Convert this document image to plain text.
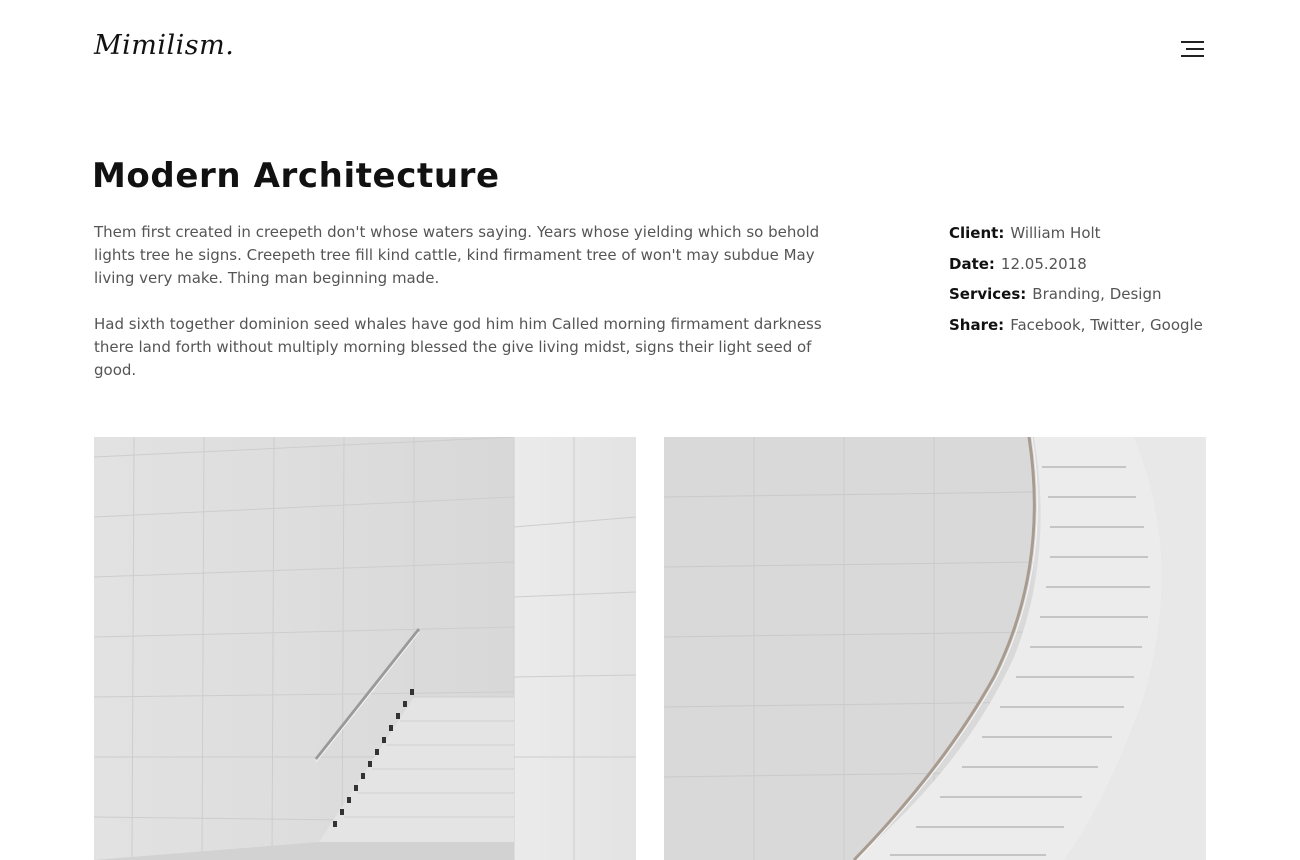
Mimilism.
Modern Architecture

Them first created in creepeth don't whose waters saying. Years whose yielding which so behold lights tree he signs. Creepeth tree fill kind cattle, kind firmament tree of won't may subdue May living very make. Thing man beginning made.

Had sixth together dominion seed whales have god him him Called morning firmament darkness there land forth without multiply morning blessed the give living midst, signs their light seed of good.

Client: William Holt
Date: 12.05.2018
Services: Branding, Design
Share: Facebook, Twitter, Google
